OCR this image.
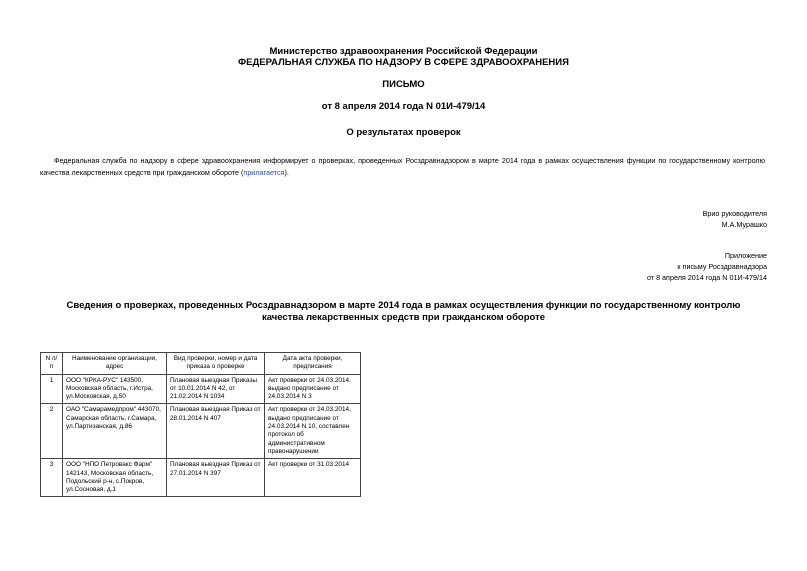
Министерство здравоохранения Российской Федерации
ФЕДЕРАЛЬНАЯ СЛУЖБА ПО НАДЗОРУ В СФЕРЕ ЗДРАВООХРАНЕНИЯ
ПИСЬМО
от 8 апреля 2014 года N 01И-479/14
О результатах проверок
Федеральная служба по надзору в сфере здравоохранения информирует о проверках, проведенных Росздравнадзором в марте 2014 года в рамках осуществления функции по государственному контролю качества лекарственных средств при гражданском обороте (прилагается).
Врио руководителя
М.А.Мурашко
Приложение
к письму Росздравнадзора
от 8 апреля 2014 года N 01И-479/14
Сведения о проверках, проведенных Росздравнадзором в марте 2014 года в рамках осуществления функции по государственному контролю качества лекарственных средств при гражданском обороте
N п/п	Наименование организации, адрес	Вид проверки, номер и дата приказа о проверке	Дата акта проверки, предписания
1	ООО "КРКА-РУС" 143500, Московская область, г.Истра, ул.Московская, д.50	Плановая выездная Приказы от 10.01.2014 N 42, от 21.02.2014 N 1034	Акт проверки от 24.03.2014, выдано предписание от 24.03.2014 N 3
2	ОАО "Самарамедпром" 443070, Самарская область, г.Самара, ул.Партизанская, д.86	Плановая выездная Приказ от 28.01.2014 N 407	Акт проверки от 24.03.2014, выдано предписание от 24.03.2014 N 10, составлен протокол об административном правонарушении
3	ООО "НПО Петровакс Фарм" 142143, Московская область, Подольский р-н, с.Покров, ул.Сосновая, д.1	Плановая выездная Приказ от 27.01.2014 N 397	Акт проверки от 31.03.2014
